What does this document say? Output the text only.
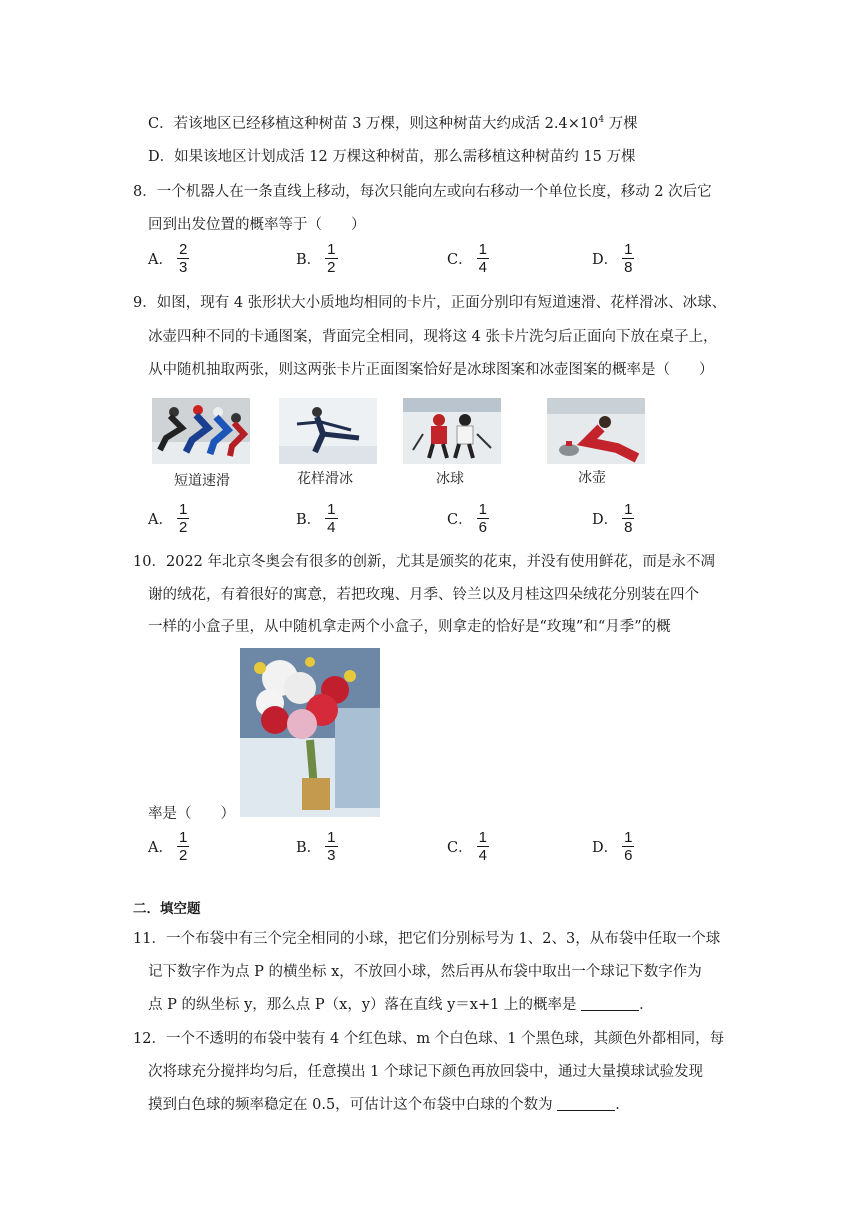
C．若该地区已经移植这种树苗 3 万棵，则这种树苗大约成活 $2.4\times 10^4$ 万棵
D．如果该地区计划成活 12 万棵这种树苗，那么需移植这种树苗约 15 万棵
8．一个机器人在一条直线上移动，每次只能向左或向右移动一个单位长度，移动 2 次后它
回到出发位置的概率等于（　　）
A． $\frac{2}{3}$	B． $\frac{1}{2}$	C． $\frac{1}{4}$	D． $\frac{1}{8}$
9．如图，现有 4 张形状大小质地均相同的卡片，正面分别印有短道速滑、花样滑冰、冰球、
冰壶四种不同的卡通图案，背面完全相同，现将这 4 张卡片洗匀后正面向下放在桌子上，
从中随机抽取两张，则这两张卡片正面图案恰好是冰球图案和冰壶图案的概率是（　　）
短道速滑	花样滑冰	冰球	冰壶
A． $\frac{1}{2}$	B． $\frac{1}{4}$	C． $\frac{1}{6}$	D． $\frac{1}{8}$
10．2022 年北京冬奥会有很多的创新，尤其是颁奖的花束，并没有使用鲜花，而是永不凋
谢的绒花，有着很好的寓意，若把玫瑰、月季、铃兰以及月桂这四朵绒花分别装在四个
一样的小盒子里，从中随机拿走两个小盒子，则拿走的恰好是“玫瑰”和“月季”的概
率是（　　）
A． $\frac{1}{2}$	B． $\frac{1}{3}$	C． $\frac{1}{4}$	D． $\frac{1}{6}$
二．填空题
11．一个布袋中有三个完全相同的小球，把它们分别标号为 1、2、3，从布袋中任取一个球
记下数字作为点 P 的横坐标 x，不放回小球，然后再从布袋中取出一个球记下数字作为
点 P 的纵坐标 y，那么点 P（x，y）落在直线 y＝x+1 上的概率是	．
12．一个不透明的布袋中装有 4 个红色球、m 个白色球、1 个黑色球，其颜色外都相同，每
次将球充分搅拌均匀后，任意摸出 1 个球记下颜色再放回袋中，通过大量摸球试验发现
摸到白色球的频率稳定在 0.5，可估计这个布袋中白球的个数为	．
